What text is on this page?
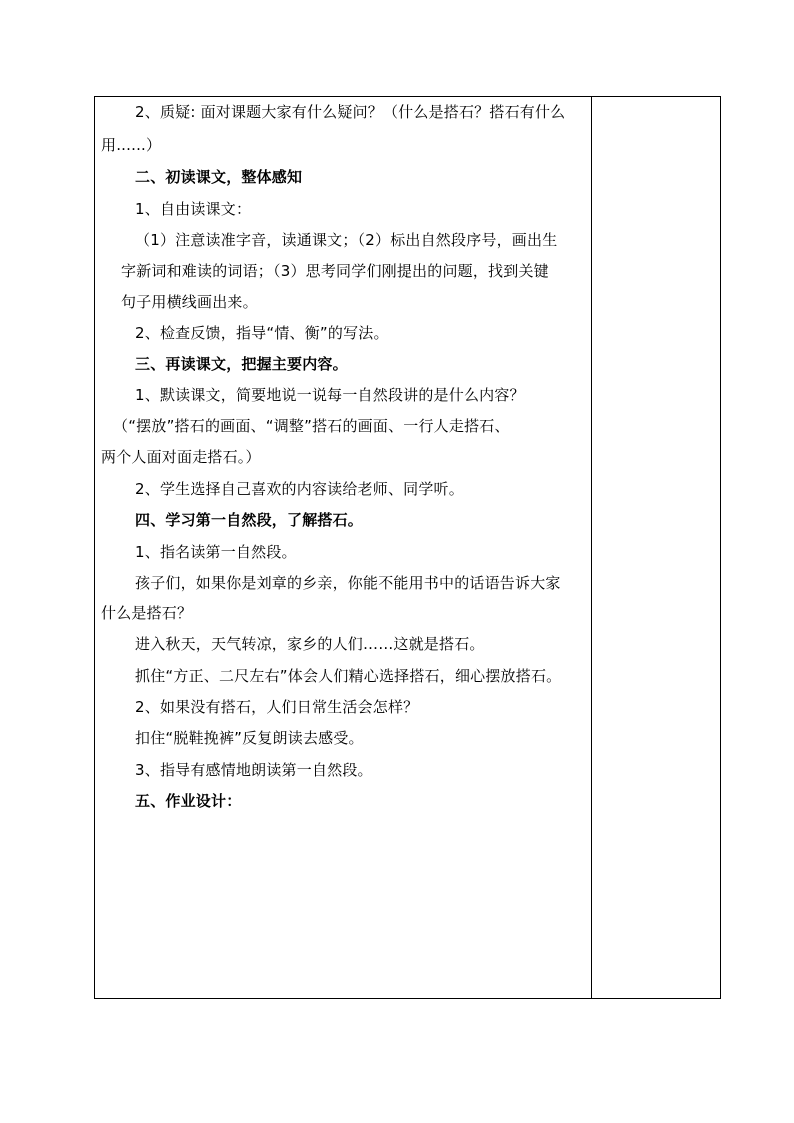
2、质疑: 面对课题大家有什么疑问？（什么是搭石？搭石有什么
用......）
二、初读课文，整体感知
1、自由读课文：
（1）注意读准字音，读通课文；（2）标出自然段序号，画出生
字新词和难读的词语；（3）思考同学们刚提出的问题，找到关键
句子用横线画出来。
2、检查反馈，指导“情、衡”的写法。
三、再读课文，把握主要内容。
1、默读课文，简要地说一说每一自然段讲的是什么内容？
（“摆放”搭石的画面、“调整”搭石的画面、一行人走搭石、
两个人面对面走搭石。）
2、学生选择自己喜欢的内容读给老师、同学听。
四、学习第一自然段，了解搭石。
1、指名读第一自然段。
孩子们，如果你是刘章的乡亲，你能不能用书中的话语告诉大家
什么是搭石？
进入秋天，天气转凉，家乡的人们……这就是搭石。
抓住“方正、二尺左右”体会人们精心选择搭石，细心摆放搭石。
2、如果没有搭石，人们日常生活会怎样？
扣住“脱鞋挽裤”反复朗读去感受。
3、指导有感情地朗读第一自然段。
五、作业设计：
